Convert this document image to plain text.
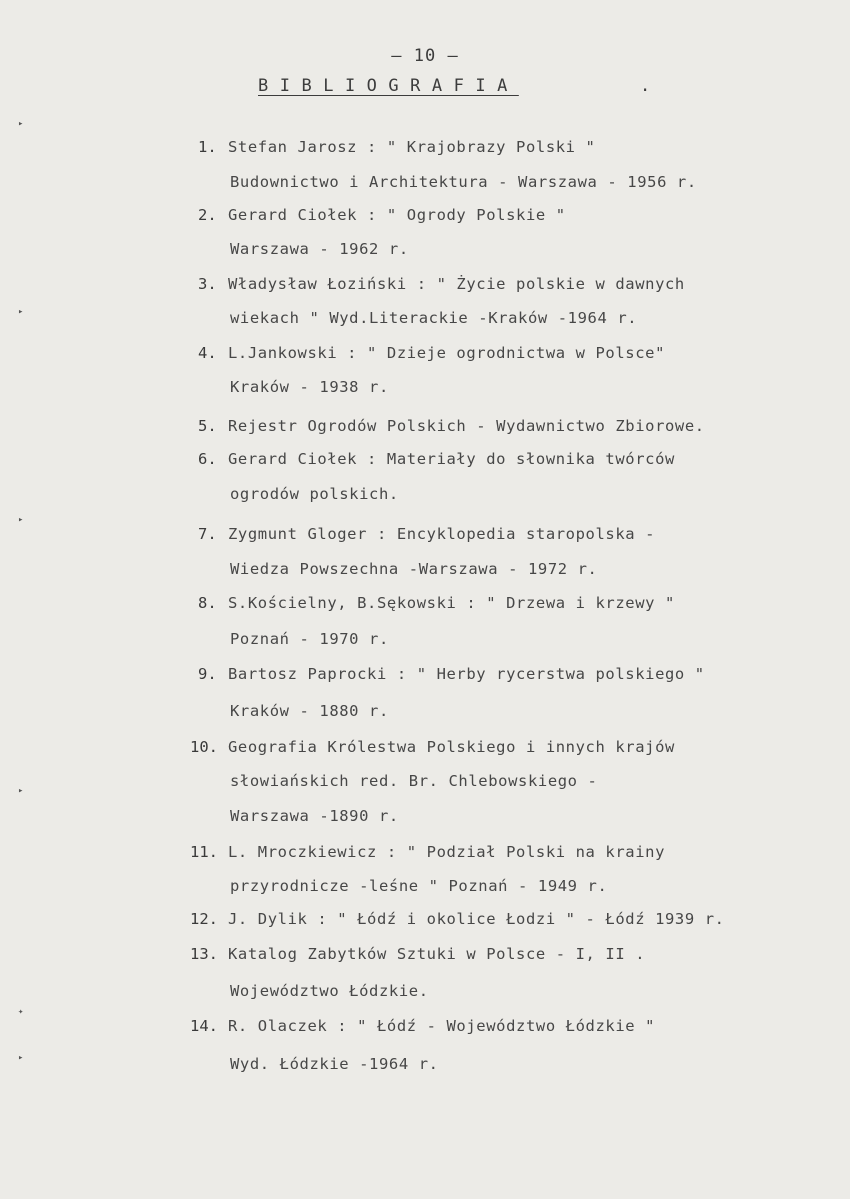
— 10 —
BIBLIOGRAFIA	.
1. Stefan Jarosz : " Krajobrazy Polski "
Budownictwo i Architektura - Warszawa - 1956 r.
2. Gerard Ciołek : " Ogrody Polskie "
Warszawa - 1962 r.
3. Władysław Łoziński : " Życie polskie w dawnych
wiekach " Wyd.Literackie -Kraków -1964 r.
4. L.Jankowski : " Dzieje ogrodnictwa w Polsce"
Kraków - 1938 r.
5. Rejestr Ogrodów Polskich - Wydawnictwo Zbiorowe.
6. Gerard Ciołek : Materiały do słownika twórców
ogrodów polskich.
7. Zygmunt Gloger : Encyklopedia staropolska -
Wiedza Powszechna -Warszawa - 1972 r.
8. S.Kościelny, B.Sękowski : " Drzewa i krzewy "
Poznań - 1970 r.
9. Bartosz Paprocki : " Herby rycerstwa polskiego "
Kraków - 1880 r.
10. Geografia Królestwa Polskiego i innych krajów
słowiańskich red. Br. Chlebowskiego -
Warszawa -1890 r.
11. L. Mroczkiewicz : " Podział Polski na krainy
przyrodnicze -leśne " Poznań - 1949 r.
12. J. Dylik : " Łódź i okolice Łodzi " - Łódź 1939 r.
13. Katalog Zabytków Sztuki w Polsce - I, II .
Województwo Łódzkie.
14. R. Olaczek : " Łódź - Województwo Łódzkie "
Wyd. Łódzkie -1964 r.
▸
▸
▸
▸
✦
▸
